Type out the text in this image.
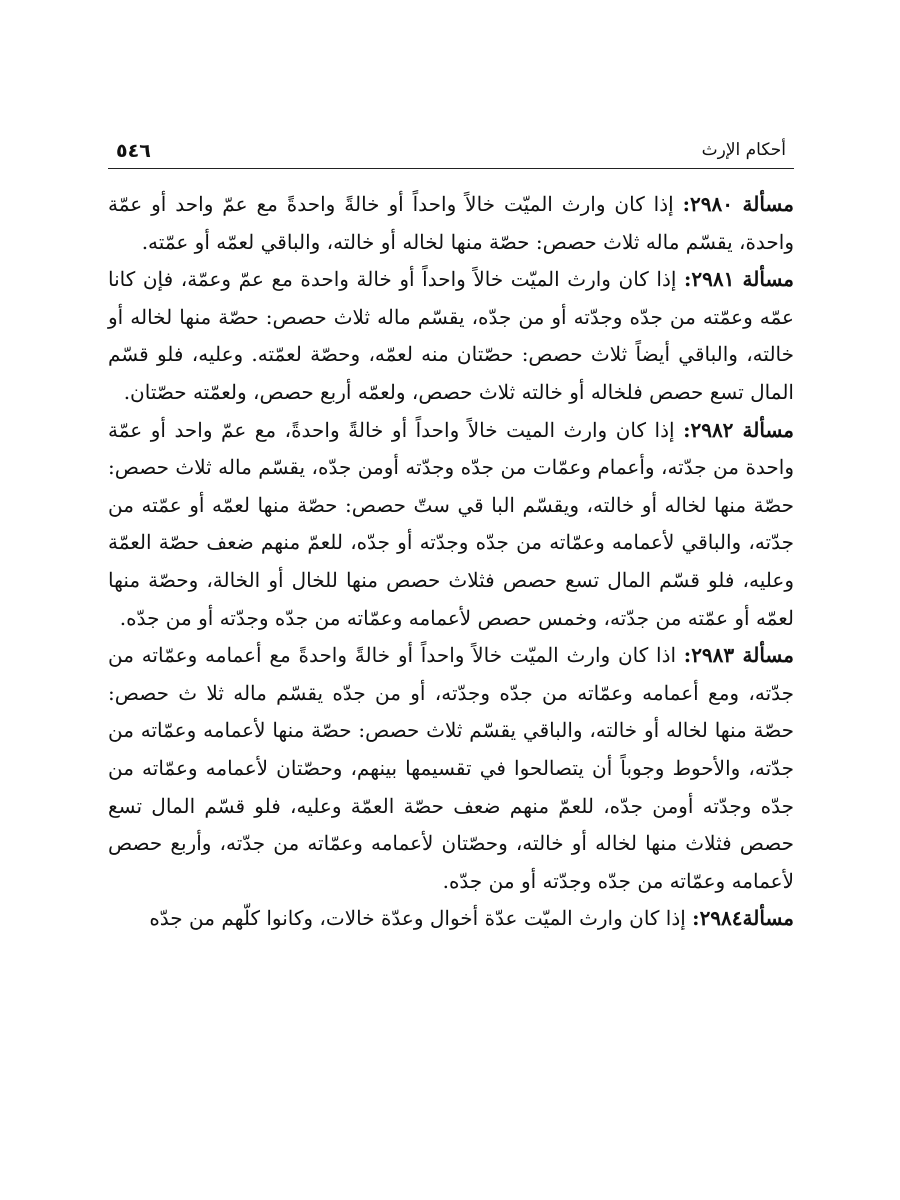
٥٤٦	أحكام الإرث

مسألة ٢٩٨٠: إذا كان وارث الميّت خالاً واحداً أو خالةً واحدةً مع عمّ واحد أو عمّة واحدة، يقسّم ماله ثلاث حصص: حصّة منها لخاله أو خالته، والباقي لعمّه أو عمّته.

مسألة ٢٩٨١: إذا كان وارث الميّت خالاً واحداً أو خالة واحدة مع عمّ وعمّة، فإن كانا عمّه وعمّته من جدّه وجدّته أو من جدّه، يقسّم ماله ثلاث حصص: حصّة منها لخاله أو خالته، والباقي أيضاً ثلاث حصص: حصّتان منه لعمّه، وحصّة لعمّته. وعليه، فلو قسّم المال تسع حصص فلخاله أو خالته ثلاث حصص، ولعمّه أربع حصص، ولعمّته حصّتان.

مسألة ٢٩٨٢: إذا كان وارث الميت خالاً واحداً أو خالةً واحدةً، مع عمّ واحد أو عمّة واحدة من جدّته، وأعمام وعمّات من جدّه وجدّته أومن جدّه، يقسّم ماله ثلاث حصص: حصّة منها لخاله أو خالته، ويقسّم البا قي ستّ حصص: حصّة منها لعمّه أو عمّته من جدّته، والباقي لأعمامه وعمّاته من جدّه وجدّته أو جدّه، للعمّ منهم ضعف حصّة العمّة وعليه، فلو قسّم المال تسع حصص فثلاث حصص منها للخال أو الخالة، وحصّة منها لعمّه أو عمّته من جدّته، وخمس حصص لأعمامه وعمّاته من جدّه وجدّته أو من جدّه.

مسألة ٢٩٨٣: اذا كان وارث الميّت خالاً واحداً أو خالةً واحدةً مع أعمامه وعمّاته من جدّته، ومع أعمامه وعمّاته من جدّه وجدّته، أو من جدّه يقسّم ماله ثلا ث حصص: حصّة منها لخاله أو خالته، والباقي يقسّم ثلاث حصص: حصّة منها لأعمامه وعمّاته من جدّته، والأحوط وجوباً أن يتصالحوا في تقسيمها بينهم، وحصّتان لأعمامه وعمّاته من جدّه وجدّته أومن جدّه، للعمّ منهم ضعف حصّة العمّة وعليه، فلو قسّم المال تسع حصص فثلاث منها لخاله أو خالته، وحصّتان لأعمامه وعمّاته من جدّته، وأربع حصص لأعمامه وعمّاته من جدّه وجدّته أو من جدّه.

مسألة٢٩٨٤: إذا كان وارث الميّت عدّة أخوال وعدّة خالات، وكانوا كلّهم من جدّه
